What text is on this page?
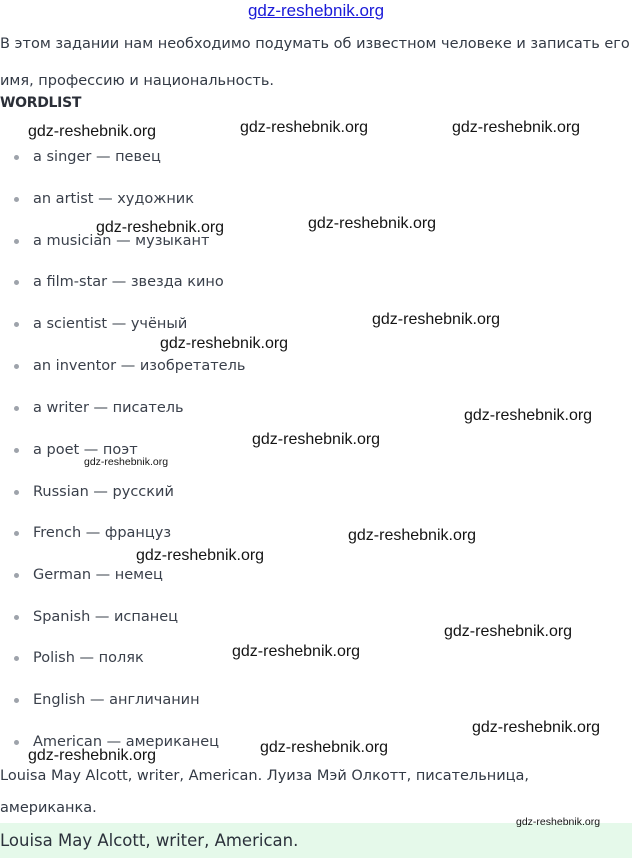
gdz-reshebnik.org

В этом задании нам необходимо подумать об известном человеке и записать его имя, профессию и национальность.

WORDLIST
a singer — певец
an artist — художник
a musician — музыкант
a film-star — звезда кино
a scientist — учёный
an inventor — изобретатель
a writer — писатель
a poet — поэт
Russian — русский
French — француз
German — немец
Spanish — испанец
Polish — поляк
English — англичанин
American — американец

Louisa May Alcott, writer, American. Луиза Мэй Олкотт, писательница, американка.

Louisa May Alcott, writer, American.
gdz-reshebnik.org	gdz-reshebnik.org	gdz-reshebnik.org
gdz-reshebnik.org	gdz-reshebnik.org
gdz-reshebnik.org
gdz-reshebnik.org
gdz-reshebnik.org
gdz-reshebnik.org
gdz-reshebnik.org
gdz-reshebnik.org
gdz-reshebnik.org
gdz-reshebnik.org
gdz-reshebnik.org
gdz-reshebnik.org
gdz-reshebnik.org
gdz-reshebnik.org
gdz-reshebnik.org
